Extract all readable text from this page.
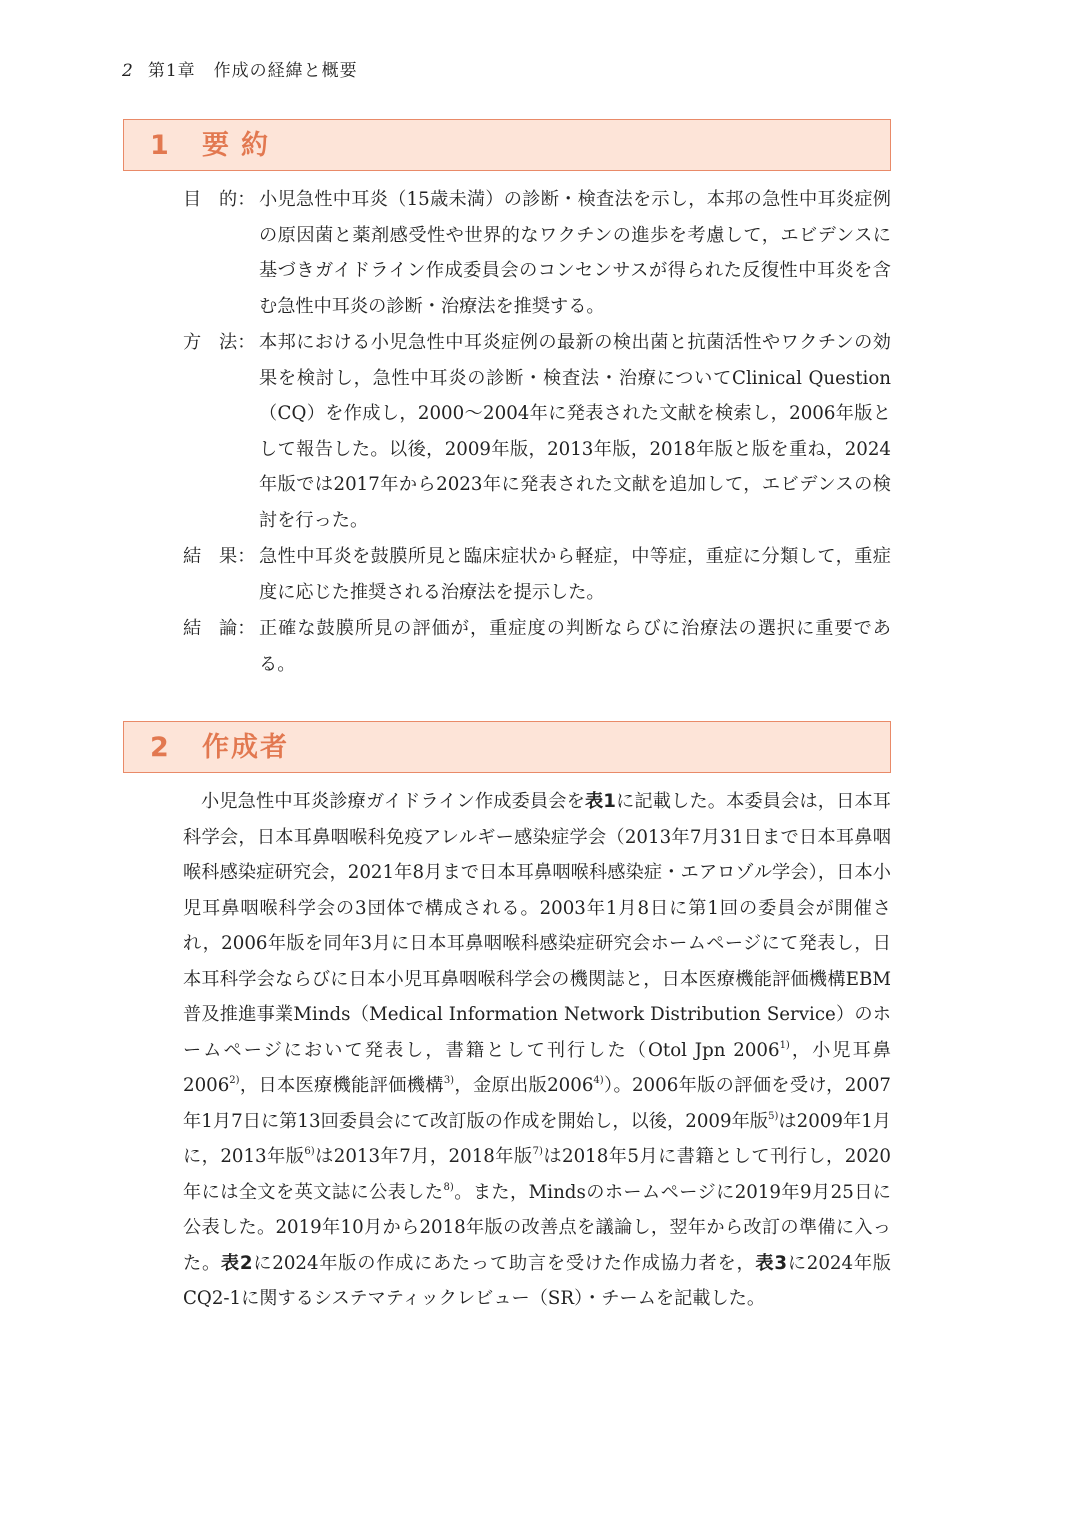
2 第1章　作成の経緯と概要
1 要約
目 的： 小児急性中耳炎（15歳未満）の診断・検査法を示し，本邦の急性中耳炎症例の原因菌と薬剤感受性や世界的なワクチンの進歩を考慮して，エビデンスに基づきガイドライン作成委員会のコンセンサスが得られた反復性中耳炎を含む急性中耳炎の診断・治療法を推奨する。
方 法： 本邦における小児急性中耳炎症例の最新の検出菌と抗菌活性やワクチンの効果を検討し，急性中耳炎の診断・検査法・治療についてClinical Question（CQ）を作成し，2000〜2004年に発表された文献を検索し，2006年版として報告した。以後，2009年版，2013年版，2018年版と版を重ね，2024年版では2017年から2023年に発表された文献を追加して，エビデンスの検討を行った。
結 果： 急性中耳炎を鼓膜所見と臨床症状から軽症，中等症，重症に分類して，重症度に応じた推奨される治療法を提示した。
結 論： 正確な鼓膜所見の評価が，重症度の判断ならびに治療法の選択に重要である。
2 作成者
小児急性中耳炎診療ガイドライン作成委員会を表1に記載した。本委員会は，日本耳科学会，日本耳鼻咽喉科免疫アレルギー感染症学会（2013年7月31日まで日本耳鼻咽喉科感染症研究会，2021年8月まで日本耳鼻咽喉科感染症・エアロゾル学会），日本小児耳鼻咽喉科学会の3団体で構成される。2003年1月8日に第1回の委員会が開催され，2006年版を同年3月に日本耳鼻咽喉科感染症研究会ホームページにて発表し，日本耳科学会ならびに日本小児耳鼻咽喉科学会の機関誌と，日本医療機能評価機構EBM普及推進事業Minds（Medical Information Network Distribution Service）のホームページにおいて発表し，書籍として刊行した（Otol Jpn 2006$^{1)}$，小児耳鼻2006$^{2)}$，日本医療機能評価機構$^{3)}$，金原出版2006$^{4)}$）。2006年版の評価を受け，2007年1月7日に第13回委員会にて改訂版の作成を開始し，以後，2009年版$^{5)}$は2009年1月に，2013年版$^{6)}$は2013年7月，2018年版$^{7)}$は2018年5月に書籍として刊行し，2020年には全文を英文誌に公表した$^{8)}$。また，Mindsのホームページに2019年9月25日に公表した。2019年10月から2018年版の改善点を議論し，翌年から改訂の準備に入った。表2に2024年版の作成にあたって助言を受けた作成協力者を，表3に2024年版CQ2-1に関するシステマティックレビュー（SR）・チームを記載した。
